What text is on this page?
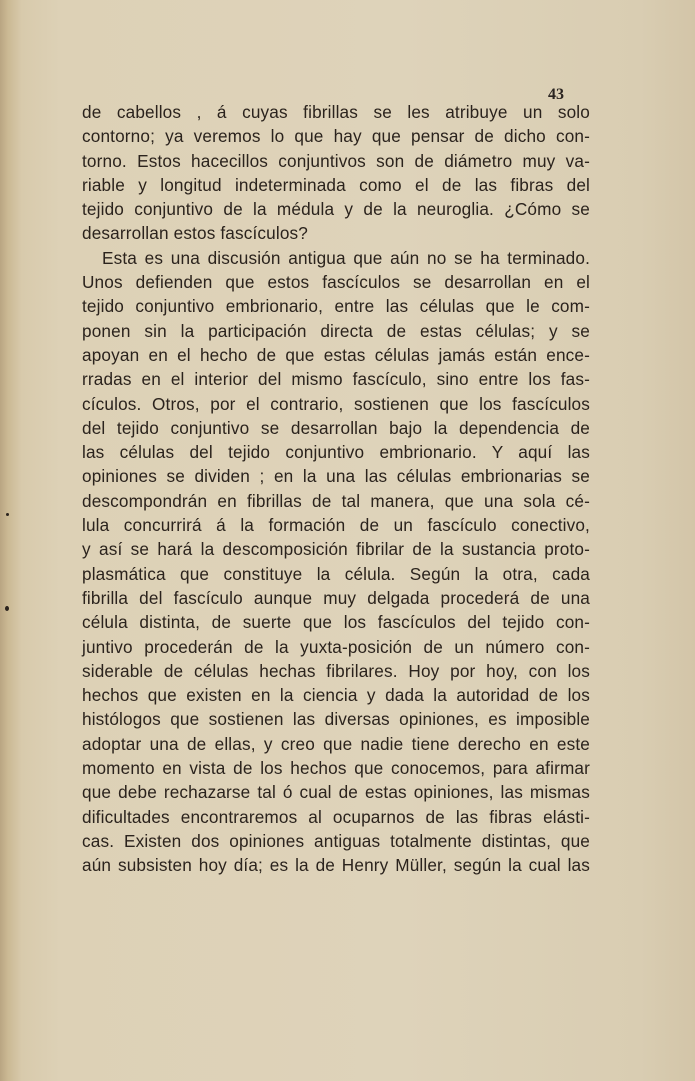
43
de cabellos , á cuyas fibrillas se les atribuye un solo
contorno; ya veremos lo que hay que pensar de dicho con-
torno. Estos hacecillos conjuntivos son de diámetro muy va-
riable y longitud indeterminada como el de las fibras del
tejido conjuntivo de la médula y de la neuroglia. ¿Cómo se
desarrollan estos fascículos?
Esta es una discusión antigua que aún no se ha terminado.
Unos defienden que estos fascículos se desarrollan en el
tejido conjuntivo embrionario, entre las células que le com-
ponen sin la participación directa de estas células; y se
apoyan en el hecho de que estas células jamás están ence-
rradas en el interior del mismo fascículo, sino entre los fas-
cículos. Otros, por el contrario, sostienen que los fascículos
del tejido conjuntivo se desarrollan bajo la dependencia de
las células del tejido conjuntivo embrionario. Y aquí las
opiniones se dividen ; en la una las células embrionarias se
descompondrán en fibrillas de tal manera, que una sola cé-
lula concurrirá á la formación de un fascículo conectivo,
y así se hará la descomposición fibrilar de la sustancia proto-
plasmática que constituye la célula. Según la otra, cada
fibrilla del fascículo aunque muy delgada procederá de una
célula distinta, de suerte que los fascículos del tejido con-
juntivo procederán de la yuxta-posición de un número con-
siderable de células hechas fibrilares. Hoy por hoy, con los
hechos que existen en la ciencia y dada la autoridad de los
histólogos que sostienen las diversas opiniones, es imposible
adoptar una de ellas, y creo que nadie tiene derecho en este
momento en vista de los hechos que conocemos, para afirmar
que debe rechazarse tal ó cual de estas opiniones, las mismas
dificultades encontraremos al ocuparnos de las fibras elásti-
cas. Existen dos opiniones antiguas totalmente distintas, que
aún subsisten hoy día; es la de Henry Müller, según la cual las
